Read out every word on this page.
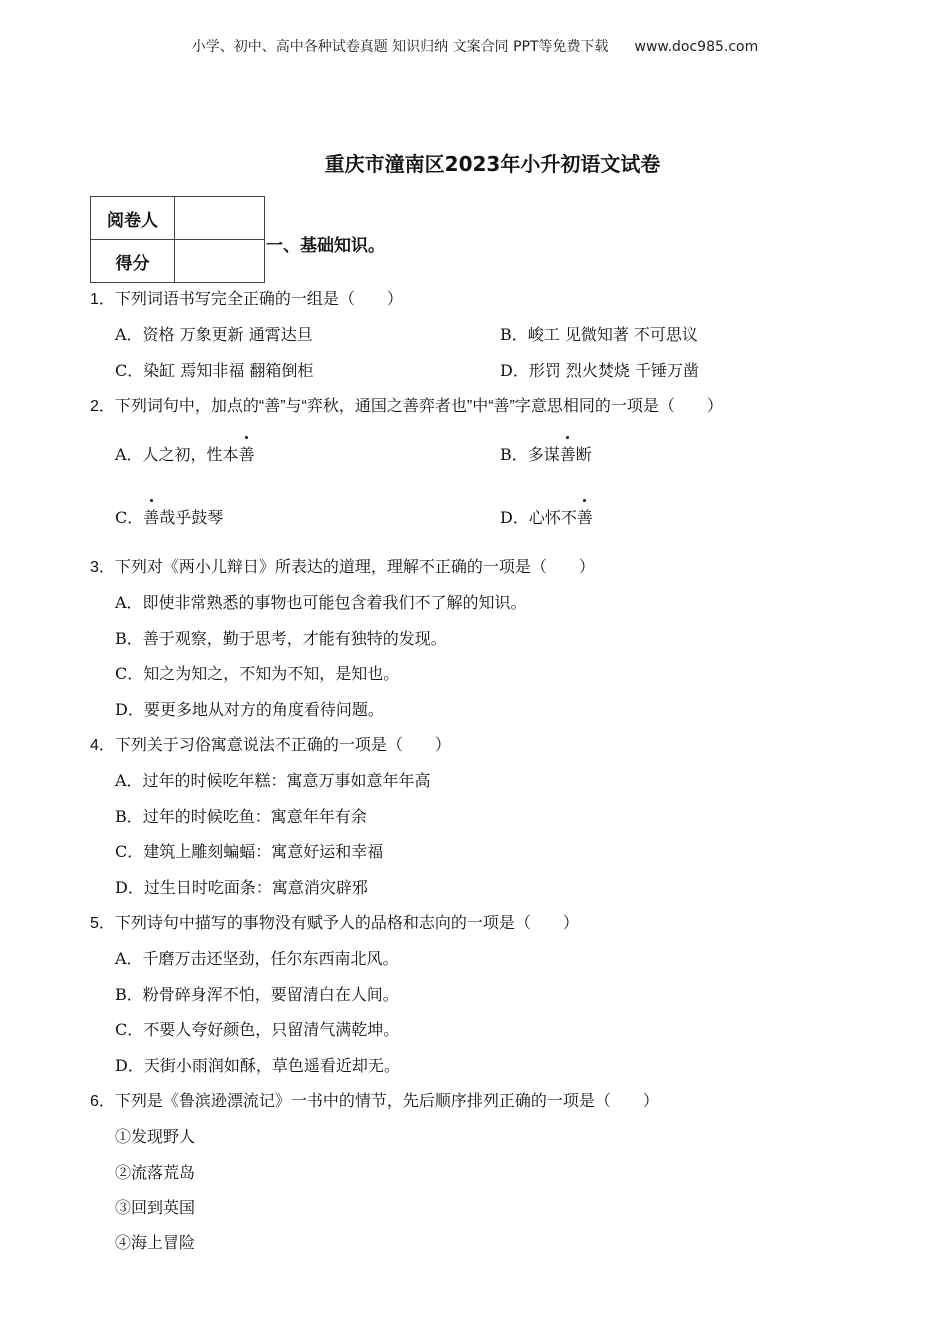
小学、初中、高中各种试卷真题 知识归纳 文案合同 PPT等免费下载 www.doc985.com
重庆市潼南区2023年小升初语文试卷
阅卷人	
得分	
一、基础知识。
1．下列词语书写完全正确的一组是（　　）
A．资格 万象更新 通霄达旦	B．峻工 见微知著 不可思议
C．染缸 焉知非福 翻箱倒柜	D．形罚 烈火焚烧 千锤万凿
2．下列词句中，加点的“善”与“弈秋，通国之善弈者也”中“善”字意思相同的一项是（　　）
A．人之初，性本善	B．多谋善断
C．善哉乎鼓琴	D．心怀不善
3．下列对《两小儿辩日》所表达的道理，理解不正确的一项是（　　）
A．即使非常熟悉的事物也可能包含着我们不了解的知识。
B．善于观察，勤于思考，才能有独特的发现。
C．知之为知之，不知为不知，是知也。
D．要更多地从对方的角度看待问题。
4．下列关于习俗寓意说法不正确的一项是（　　）
A．过年的时候吃年糕：寓意万事如意年年高
B．过年的时候吃鱼：寓意年年有余
C．建筑上雕刻蝙蝠：寓意好运和幸福
D．过生日时吃面条：寓意消灾辟邪
5．下列诗句中描写的事物没有赋予人的品格和志向的一项是（　　）
A．千磨万击还坚劲，任尔东西南北风。
B．粉骨碎身浑不怕，要留清白在人间。
C．不要人夸好颜色，只留清气满乾坤。
D．天街小雨润如酥，草色遥看近却无。
6．下列是《鲁滨逊漂流记》一书中的情节，先后顺序排列正确的一项是（　　）
①发现野人
②流落荒岛
③回到英国
④海上冒险
